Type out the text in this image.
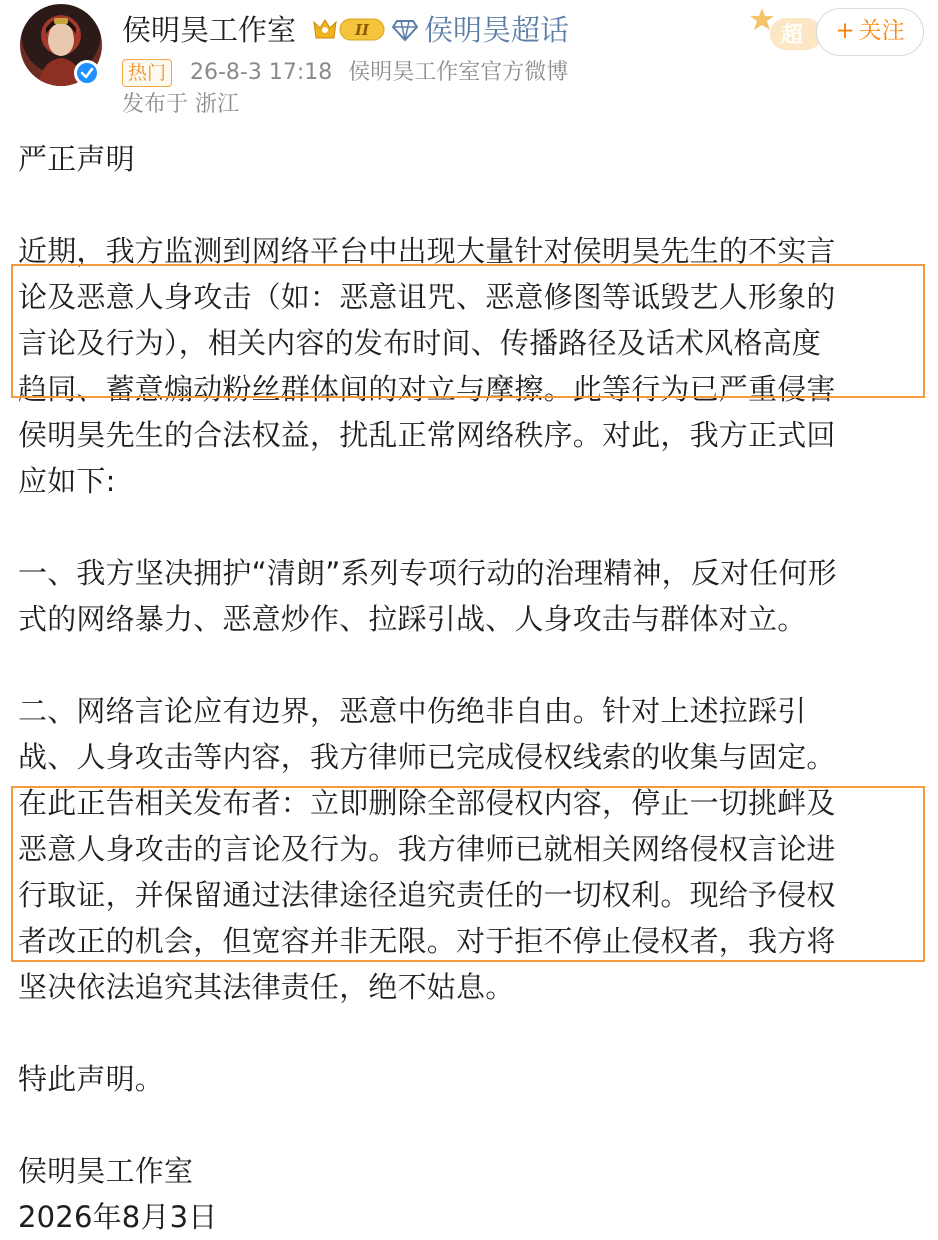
侯明昊工作室	II 侯明昊超话
热门 26-8-3 17:18 侯明昊工作室官方微博
发布于 浙江
超	+ 关注
严正声明
近期，我方监测到网络平台中出现大量针对侯明昊先生的不实言
论及恶意人身攻击（如：恶意诅咒、恶意修图等诋毁艺人形象的
言论及行为），相关内容的发布时间、传播路径及话术风格高度
趋同、蓄意煽动粉丝群体间的对立与摩擦。此等行为已严重侵害
侯明昊先生的合法权益，扰乱正常网络秩序。对此，我方正式回
应如下:
一、我方坚决拥护“清朗”系列专项行动的治理精神，反对任何形
式的网络暴力、恶意炒作、拉踩引战、人身攻击与群体对立。
二、网络言论应有边界，恶意中伤绝非自由。针对上述拉踩引
战、人身攻击等内容，我方律师已完成侵权线索的收集与固定。
在此正告相关发布者：立即删除全部侵权内容，停止一切挑衅及
恶意人身攻击的言论及行为。我方律师已就相关网络侵权言论进
行取证，并保留通过法律途径追究责任的一切权利。现给予侵权
者改正的机会，但宽容并非无限。对于拒不停止侵权者，我方将
坚决依法追究其法律责任，绝不姑息。
特此声明。
侯明昊工作室
2026年8月3日
